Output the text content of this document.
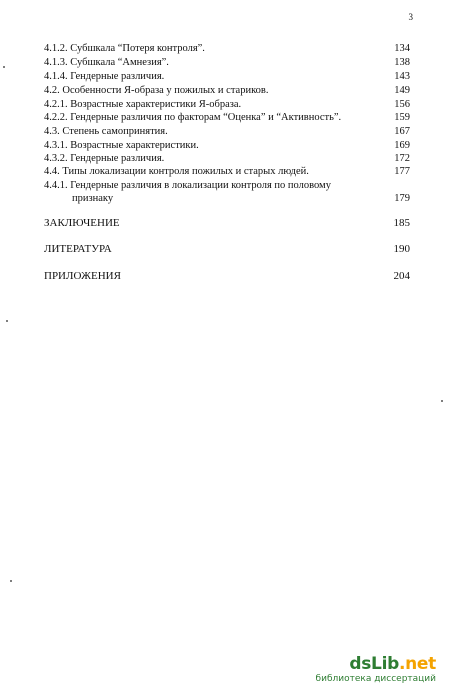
3
4.1.2. Субшкала “Потеря контроля”.	134
4.1.3. Субшкала “Амнезия”.	138
4.1.4. Гендерные различия.	143
4.2. Особенности Я-образа у пожилых и стариков.	149
4.2.1. Возрастные характеристики Я-образа.	156
4.2.2. Гендерные различия по факторам “Оценка” и “Активность”.	159
4.3. Степень самопринятия.	167
4.3.1. Возрастные характеристики.	169
4.3.2. Гендерные различия.	172
4.4. Типы локализации контроля пожилых и старых людей.	177
4.4.1. Гендерные различия в локализации контроля по половому
признаку	179
ЗАКЛЮЧЕНИЕ	185
ЛИТЕРАТУРА	190
ПРИЛОЖЕНИЯ	204
dsLib.net
библиотека диссертаций
